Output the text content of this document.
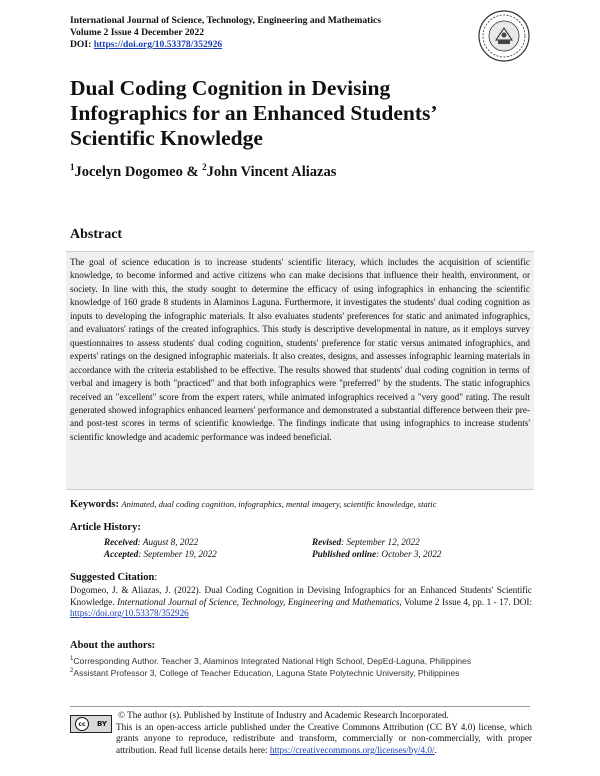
International Journal of Science, Technology, Engineering and Mathematics
Volume 2 Issue 4 December 2022
DOI: https://doi.org/10.53378/352926
Dual Coding Cognition in Devising
Infographics for an Enhanced Students’
Scientific Knowledge
$^1$Jocelyn Dogomeo & $^2$John Vincent Aliazas
Abstract
The goal of science education is to increase students' scientific literacy, which includes the acquisition of scientific knowledge, to become informed and active citizens who can make decisions that influence their health, environment, or society. In line with this, the study sought to determine the efficacy of using infographics in enhancing the scientific knowledge of 160 grade 8 students in Alaminos Laguna. Furthermore, it investigates the students' dual coding cognition as inputs to developing the infographic materials. It also evaluates students' preferences for static and animated infographics, and evaluators' ratings of the created infographics. This study is descriptive developmental in nature, as it employs survey questionnaires to assess students' dual coding cognition, students' preference for static versus animated infographics, and experts' ratings on the designed infographic materials. It also creates, designs, and assesses infographic learning materials in accordance with the criteria established to be effective. The results showed that students' dual coding cognition in terms of verbal and imagery is both "practiced" and that both infographics were "preferred" by the students. The static infographics received an "excellent" score from the expert raters, while animated infographics received a "very good" rating. The result generated showed infographics enhanced learners' performance and demonstrated a substantial difference between their pre-and post-test scores in terms of scientific knowledge. The findings indicate that using infographics to increase students' scientific knowledge and academic performance was indeed beneficial.
Keywords: Animated, dual coding cognition, infographics, mental imagery, scientific knowledge, static
Article History:
Received: August 8, 2022	Revised: September 12, 2022
Accepted: September 19, 2022	Published online: October 3, 2022
Suggested Citation:
Dogomeo, J. & Aliazas, J. (2022). Dual Coding Cognition in Devising Infographics for an Enhanced Students' Scientific Knowledge. International Journal of Science, Technology, Engineering and Mathematics, Volume 2 Issue 4, pp. 1 - 17. DOI: https://doi.org/10.53378/352926
About the authors:
$^1$Corresponding Author. Teacher 3, Alaminos Integrated National High School, DepEd-Laguna, Philippines
$^2$Assistant Professor 3, College of Teacher Education, Laguna State Polytechnic University, Philippines
cc	BY
© The author (s). Published by Institute of Industry and Academic Research Incorporated.
This is an open-access article published under the Creative Commons Attribution (CC BY 4.0) license, which grants anyone to reproduce, redistribute and transform, commercially or non-commercially, with proper attribution. Read full license details here: https://creativecommons.org/licenses/by/4.0/.
